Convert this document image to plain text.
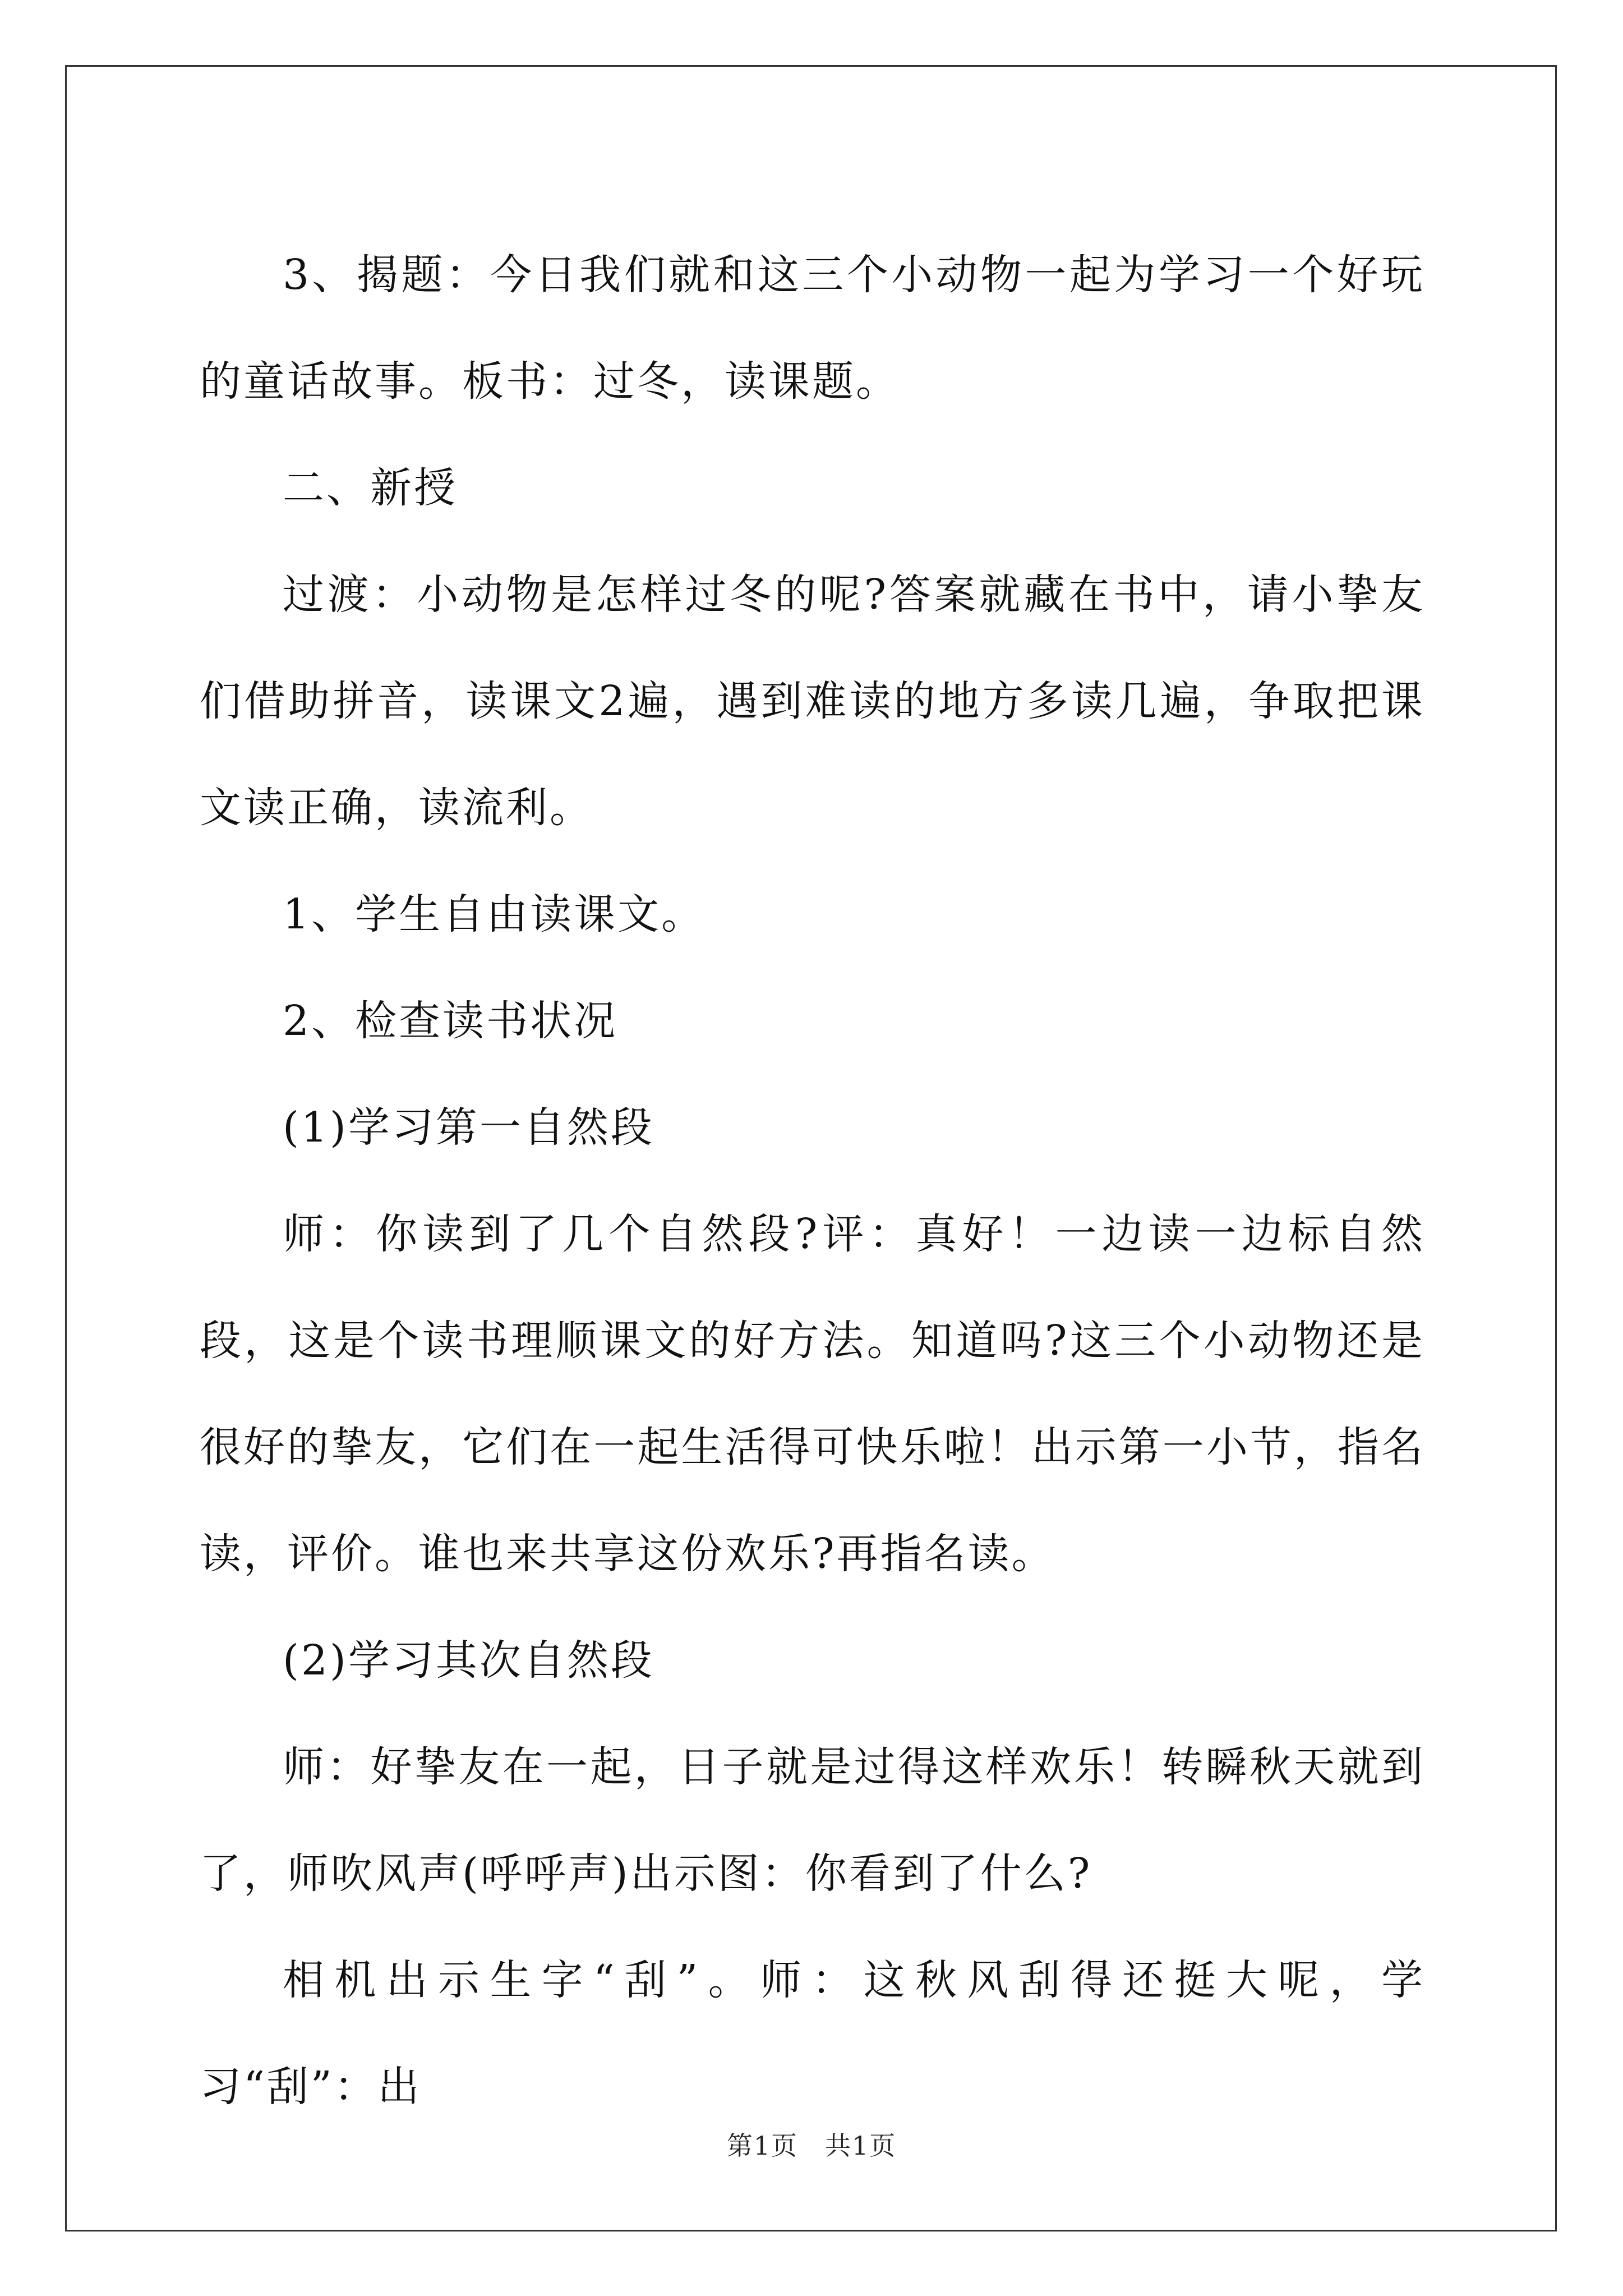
3、揭题：今日我们就和这三个小动物一起为学习一个好玩的童话故事。板书：过冬，读课题。

二、新授

过渡：小动物是怎样过冬的呢?答案就藏在书中，请小挚友们借助拼音，读课文2遍，遇到难读的地方多读几遍，争取把课文读正确，读流利。

1、学生自由读课文。

2、检查读书状况

(1)学习第一自然段

师：你读到了几个自然段?评：真好！一边读一边标自然段，这是个读书理顺课文的好方法。知道吗?这三个小动物还是很好的挚友，它们在一起生活得可快乐啦！出示第一小节，指名读，评价。谁也来共享这份欢乐?再指名读。

(2)学习其次自然段

师：好挚友在一起，日子就是过得这样欢乐！转瞬秋天就到了，师吹风声(呼呼声)出示图：你看到了什么?

相机出示生字“刮”。师：这秋风刮得还挺大呢，学习“刮”：出

第1页　共1页
